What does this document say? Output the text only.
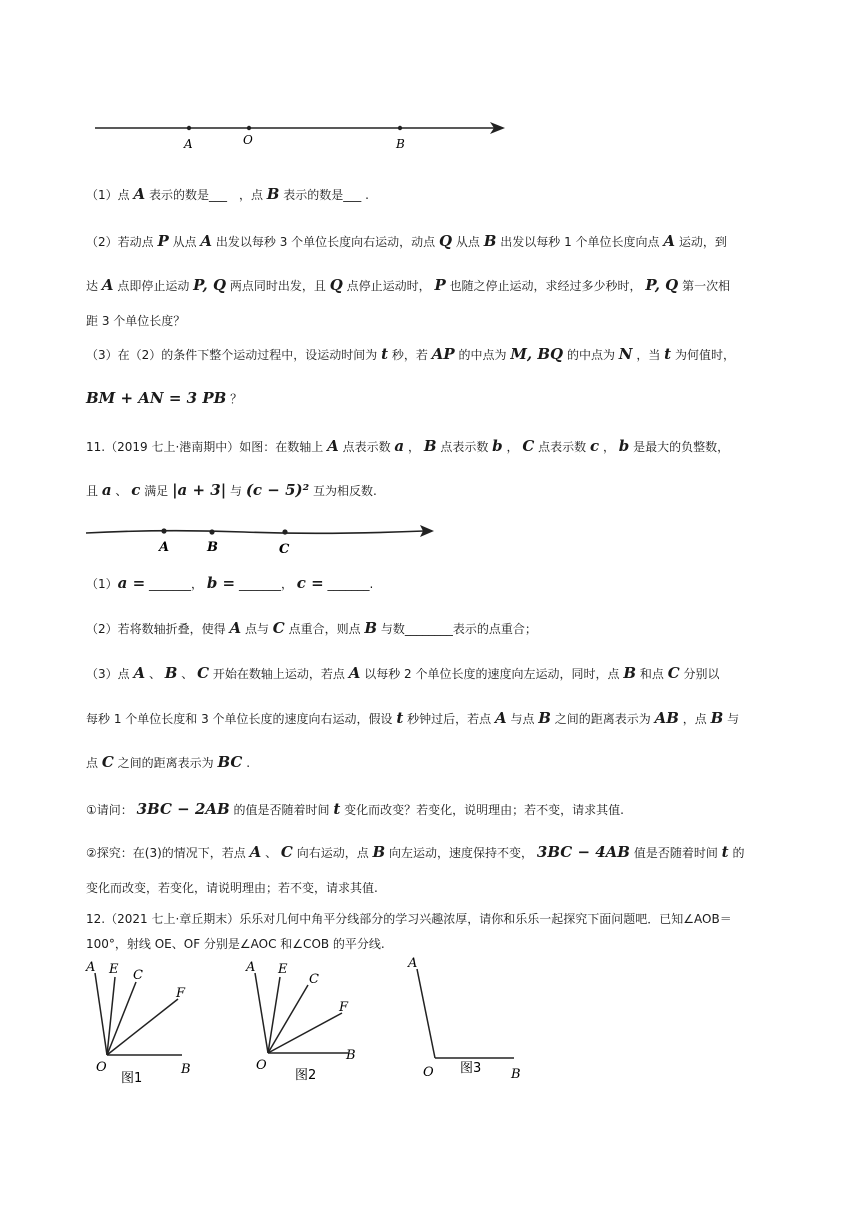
A	O	B
（1）点 A 表示的数是___　，点 B 表示的数是___ .
（2）若动点 P 从点 A 出发以每秒 3 个单位长度向右运动，动点 Q 从点 B 出发以每秒 1 个单位长度向点 A 运动，到
达 A 点即停止运动 P, Q 两点同时出发，且 Q 点停止运动时， P 也随之停止运动，求经过多少秒时， P, Q 第一次相
距 3 个单位长度？
（3）在（2）的条件下整个运动过程中，设运动时间为 t 秒，若 AP 的中点为 M, BQ 的中点为 N ，当 t 为何值时，
BM + AN = 3 PB ？
11.（2019 七上·港南期中）如图：在数轴上 A 点表示数 a ， B 点表示数 b ， C 点表示数 c ， b 是最大的负整数，
且 a 、 c 满足 |a + 3| 与 (c − 5)² 互为相反数.
A	B	C
（1）a = _______， b = _______， c = _______.
（2）若将数轴折叠，使得 A 点与 C 点重合，则点 B 与数________表示的点重合；
（3）点 A 、 B 、 C 开始在数轴上运动，若点 A 以每秒 2 个单位长度的速度向左运动，同时，点 B 和点 C 分别以
每秒 1 个单位长度和 3 个单位长度的速度向右运动，假设 t 秒钟过后，若点 A 与点 B 之间的距离表示为 AB ，点 B 与
点 C 之间的距离表示为 BC .
①请问： 3BC − 2AB 的值是否随着时间 t 变化而改变？若变化，说明理由；若不变，请求其值.
②探究：在(3)的情况下，若点 A 、 C 向右运动，点 B 向左运动，速度保持不变， 3BC − 4AB 值是否随着时间 t 的
变化而改变，若变化，请说明理由；若不变，请求其值.
12.（2021 七上·章丘期末）乐乐对几何中角平分线部分的学习兴趣浓厚，请你和乐乐一起探究下面问题吧．已知∠AOB＝
100°，射线 OE、OF 分别是∠AOC 和∠COB 的平分线.
A E C
F
O	B
图1
A E
C
F
O
B
图2
A
O	B
图3
